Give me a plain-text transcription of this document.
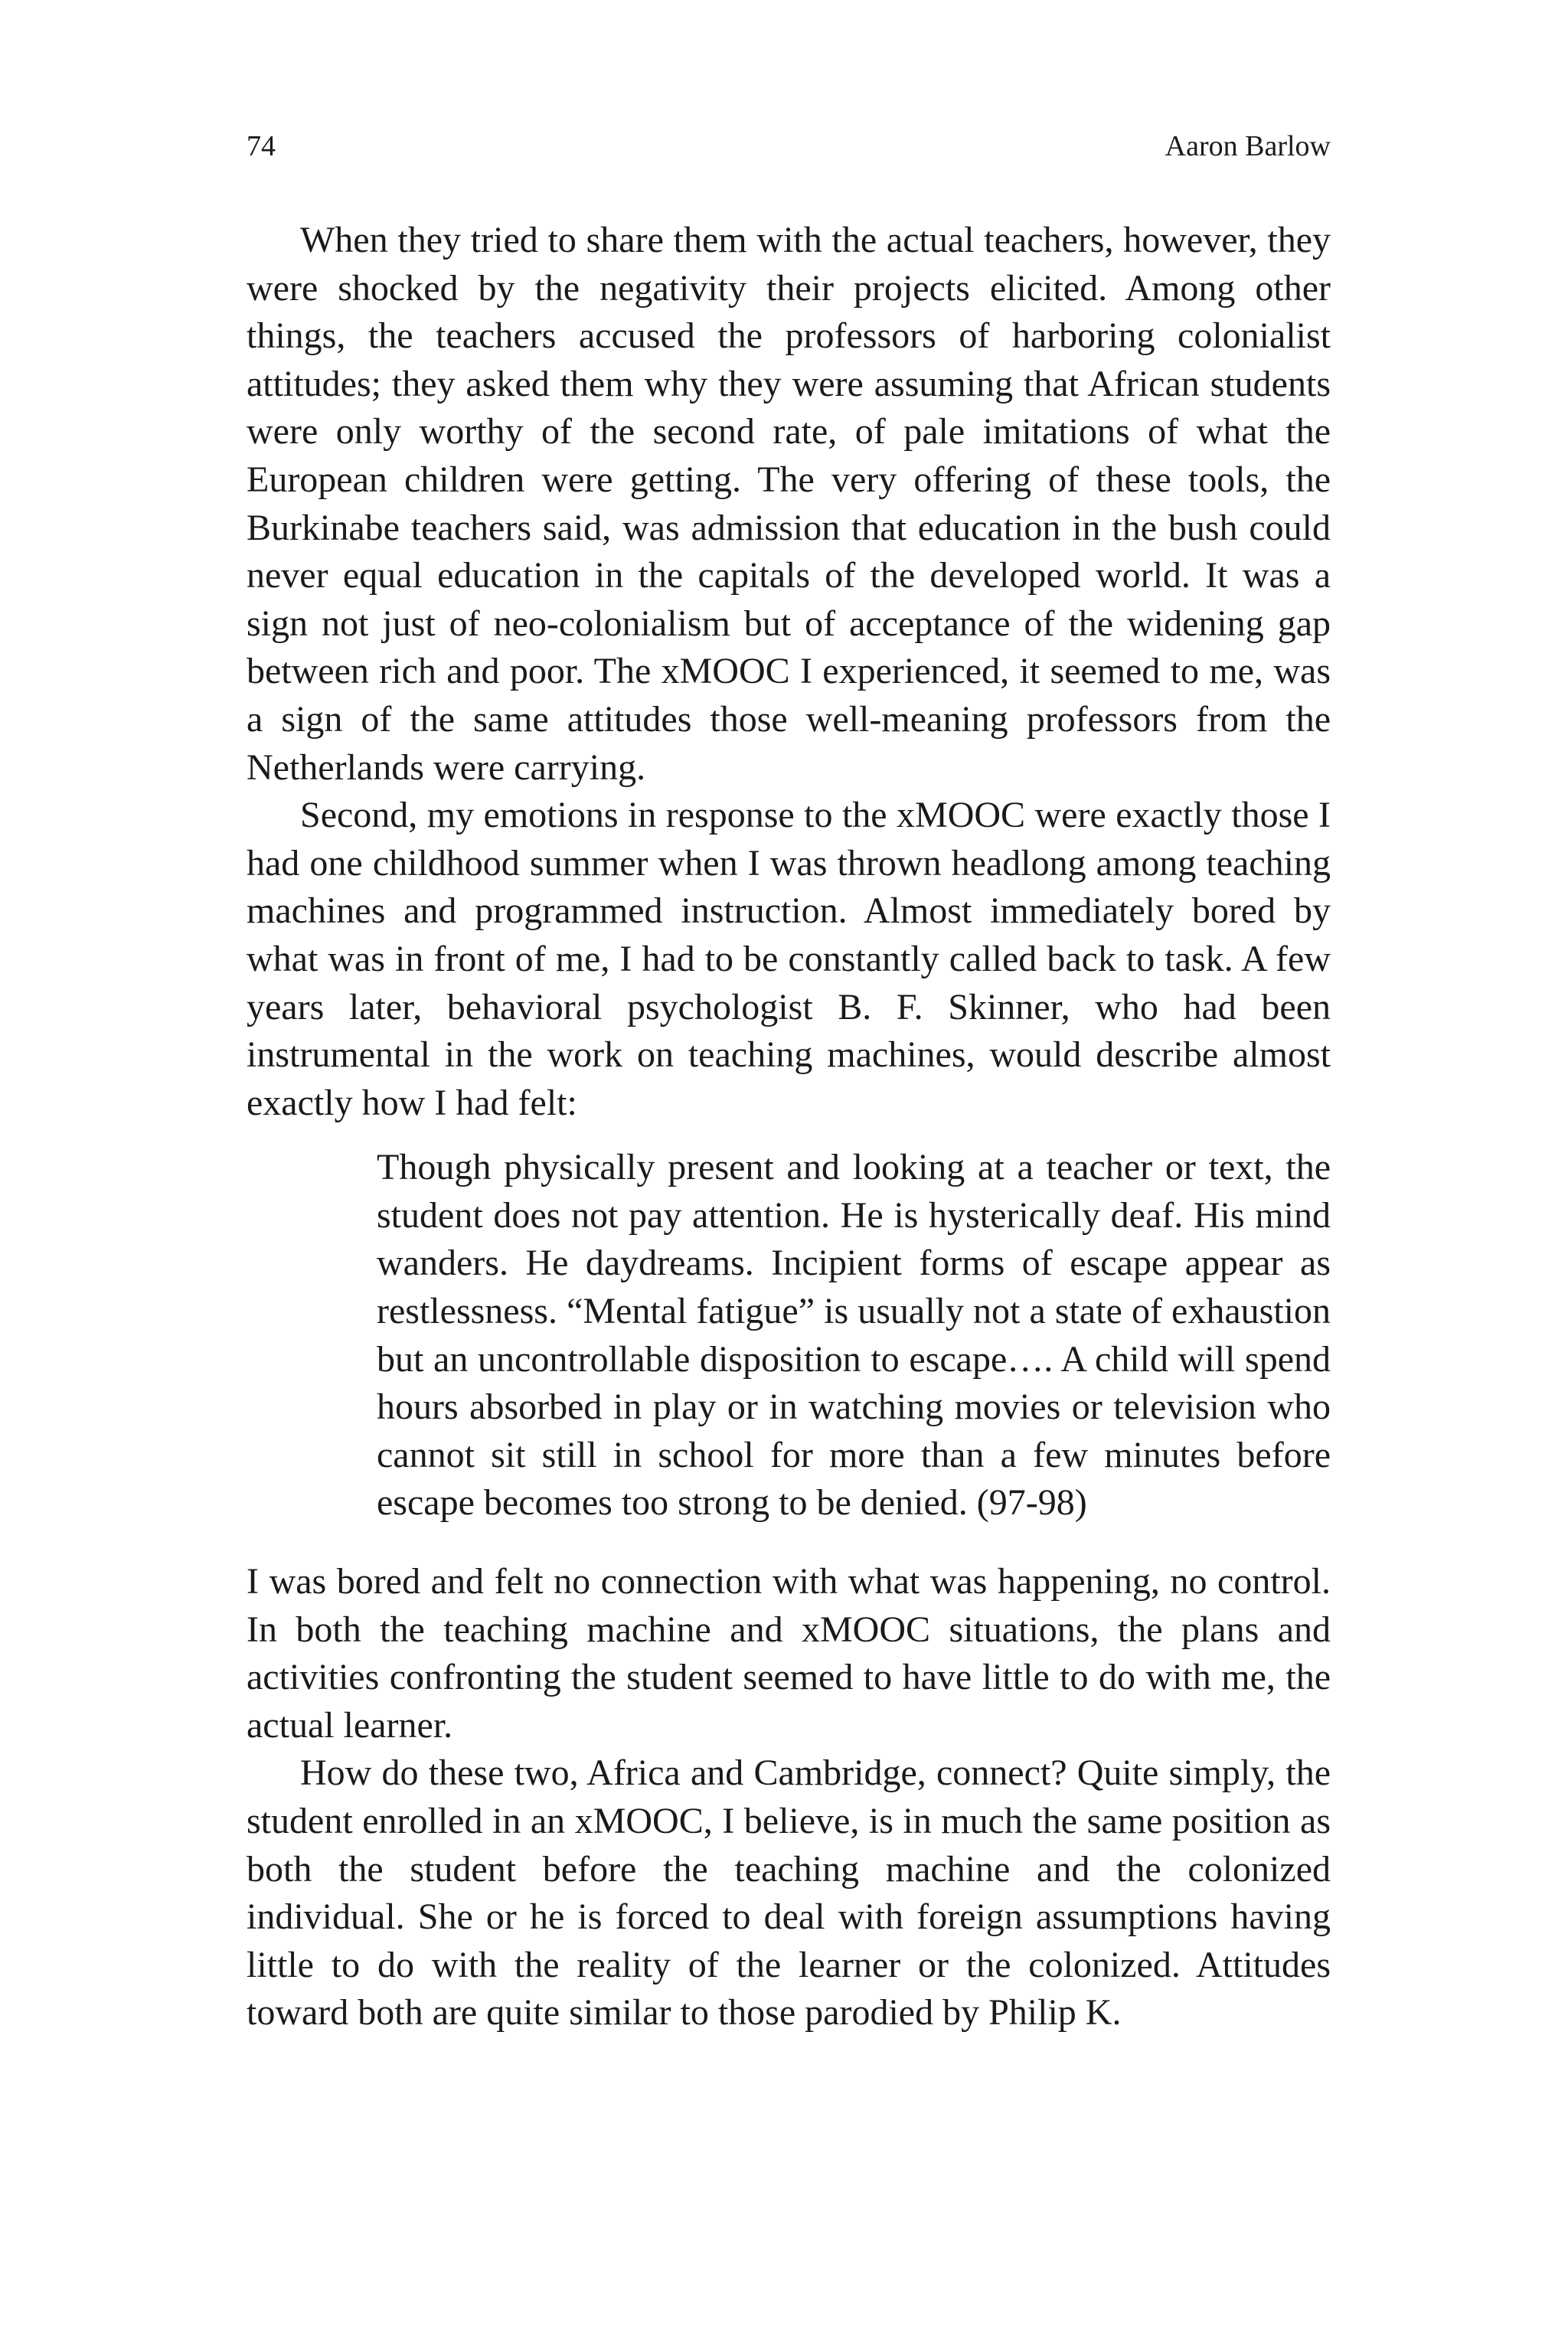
74	Aaron Barlow

When they tried to share them with the actual teachers, however, they were shocked by the negativity their projects elicited. Among other things, the teachers accused the professors of harboring colonialist attitudes; they asked them why they were assuming that African students were only worthy of the second rate, of pale imitations of what the European children were getting. The very offering of these tools, the Burkinabe teachers said, was admission that education in the bush could never equal education in the capitals of the developed world. It was a sign not just of neo-colonialism but of acceptance of the widening gap between rich and poor. The xMOOC I experienced, it seemed to me, was a sign of the same attitudes those well-meaning professors from the Netherlands were carrying.

Second, my emotions in response to the xMOOC were exactly those I had one childhood summer when I was thrown headlong among teaching machines and programmed instruction. Almost immediately bored by what was in front of me, I had to be constantly called back to task. A few years later, behavioral psychologist B. F. Skinner, who had been instrumental in the work on teaching machines, would describe almost exactly how I had felt:

Though physically present and looking at a teacher or text, the student does not pay attention. He is hysterically deaf. His mind wanders. He daydreams. Incipient forms of escape appear as restlessness. “Mental fatigue” is usually not a state of exhaustion but an uncontrollable disposition to escape…. A child will spend hours absorbed in play or in watching movies or television who cannot sit still in school for more than a few minutes before escape becomes too strong to be denied. (97-98)

I was bored and felt no connection with what was happening, no control. In both the teaching machine and xMOOC situations, the plans and activities confronting the student seemed to have little to do with me, the actual learner.

How do these two, Africa and Cambridge, connect? Quite simply, the student enrolled in an xMOOC, I believe, is in much the same position as both the student before the teaching machine and the colonized individual. She or he is forced to deal with foreign assumptions having little to do with the reality of the learner or the colonized. Attitudes toward both are quite similar to those parodied by Philip K.
